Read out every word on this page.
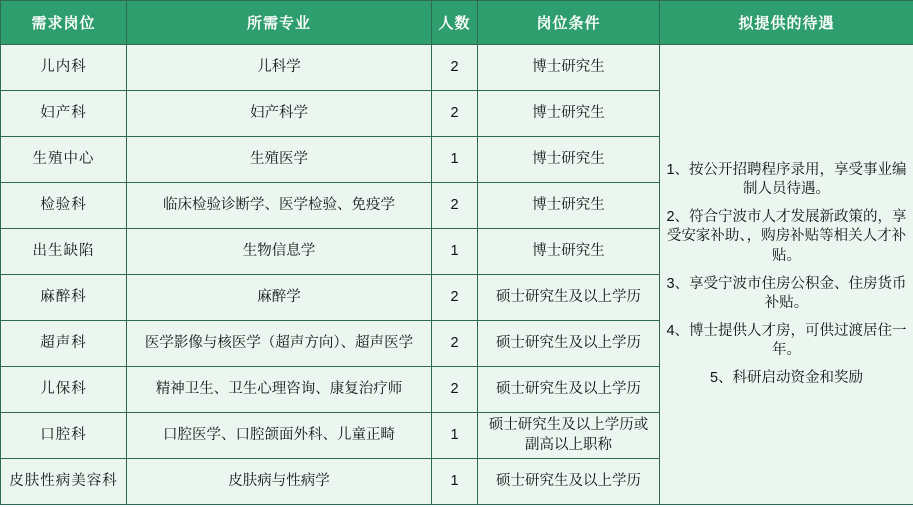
需求岗位	所需专业	人数	岗位条件	拟提供的待遇
儿内科	儿科学	2	博士研究生	1、按公开招聘程序录用，享受事业编制人员待遇。

2、符合宁波市人才发展新政策的，享受安家补助、，购房补贴等相关人才补贴。

3、享受宁波市住房公积金、住房货币补贴。

4、博士提供人才房，可供过渡居住一年。

5、科研启动资金和奖励

妇产科	妇产科学	2	博士研究生	
生殖中心	生殖医学	1	博士研究生	
检验科	临床检验诊断学、医学检验、免疫学	2	博士研究生	
出生缺陷	生物信息学	1	博士研究生	
麻醉科	麻醉学	2	硕士研究生及以上学历	
超声科	医学影像与核医学（超声方向）、超声医学	2	硕士研究生及以上学历	
儿保科	精神卫生、卫生心理咨询、康复治疗师	2	硕士研究生及以上学历	
口腔科	口腔医学、口腔颌面外科、儿童正畸	1	硕士研究生及以上学历或
副高以上职称	
皮肤性病美容科	皮肤病与性病学	1	硕士研究生及以上学历	
